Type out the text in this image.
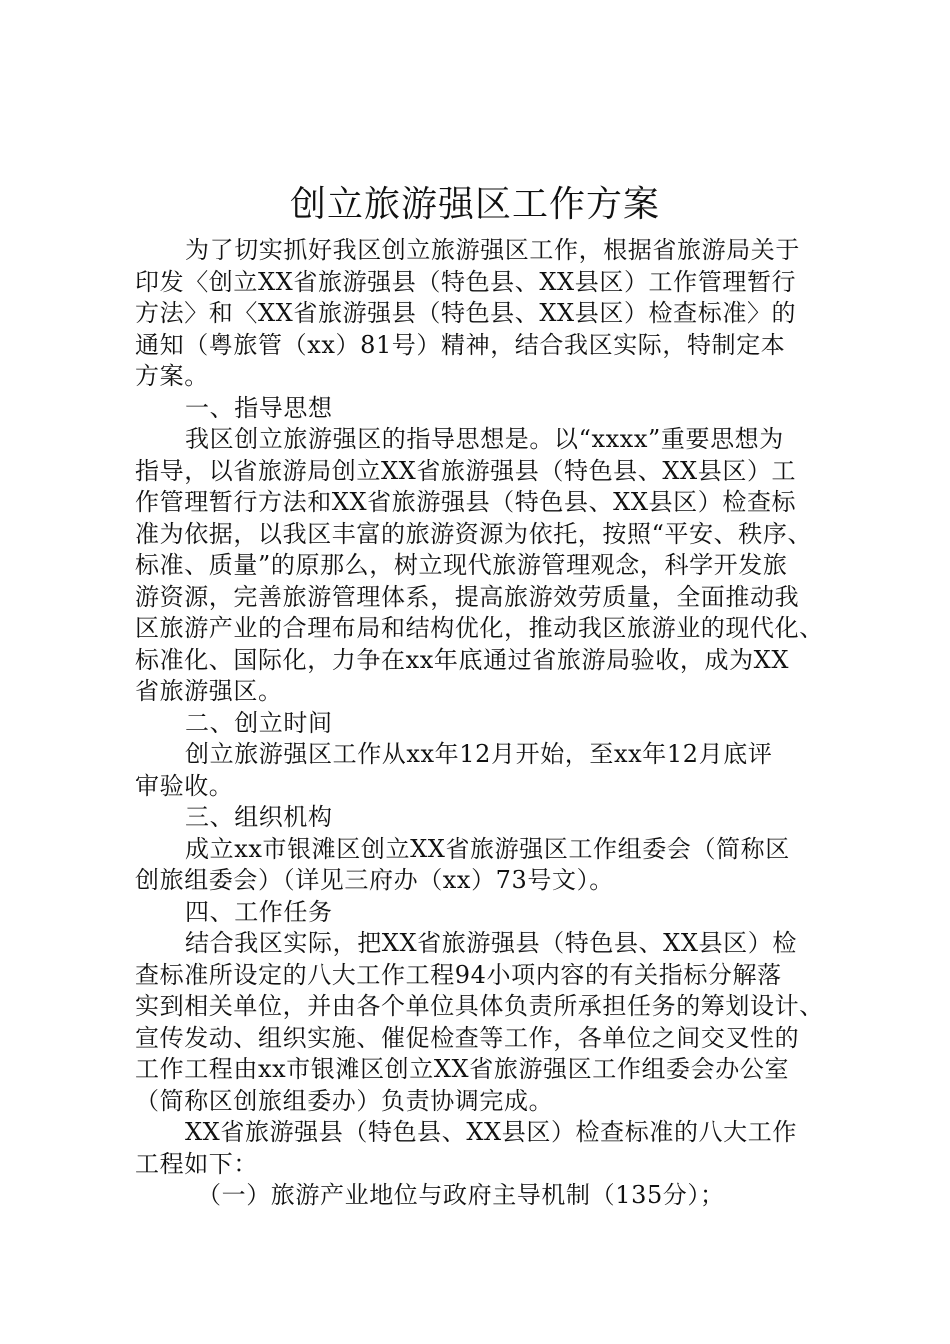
创立旅游强区工作方案
为了切实抓好我区创立旅游强区工作，根据省旅游局关于
印发〈创立XX省旅游强县（特色县、XX县区）工作管理暂行
方法〉和〈XX省旅游强县（特色县、XX县区）检查标准〉的
通知（粤旅管（xx）81号）精神，结合我区实际，特制定本
方案。
一、指导思想
我区创立旅游强区的指导思想是。以“xxxx”重要思想为
指导，以省旅游局创立XX省旅游强县（特色县、XX县区）工
作管理暂行方法和XX省旅游强县（特色县、XX县区）检查标
准为依据，以我区丰富的旅游资源为依托，按照“平安、秩序、
标准、质量”的原那么，树立现代旅游管理观念，科学开发旅
游资源，完善旅游管理体系，提高旅游效劳质量，全面推动我
区旅游产业的合理布局和结构优化，推动我区旅游业的现代化、
标准化、国际化，力争在xx年底通过省旅游局验收，成为XX
省旅游强区。
二、创立时间
创立旅游强区工作从xx年12月开始，至xx年12月底评
审验收。
三、组织机构
成立xx市银滩区创立XX省旅游强区工作组委会（简称区
创旅组委会）（详见三府办（xx）73号文）。
四、工作任务
结合我区实际，把XX省旅游强县（特色县、XX县区）检
查标准所设定的八大工作工程94小项内容的有关指标分解落
实到相关单位，并由各个单位具体负责所承担任务的筹划设计、
宣传发动、组织实施、催促检查等工作，各单位之间交叉性的
工作工程由xx市银滩区创立XX省旅游强区工作组委会办公室
（简称区创旅组委办）负责协调完成。
XX省旅游强县（特色县、XX县区）检查标准的八大工作
工程如下：
（一）旅游产业地位与政府主导机制（135分）；
